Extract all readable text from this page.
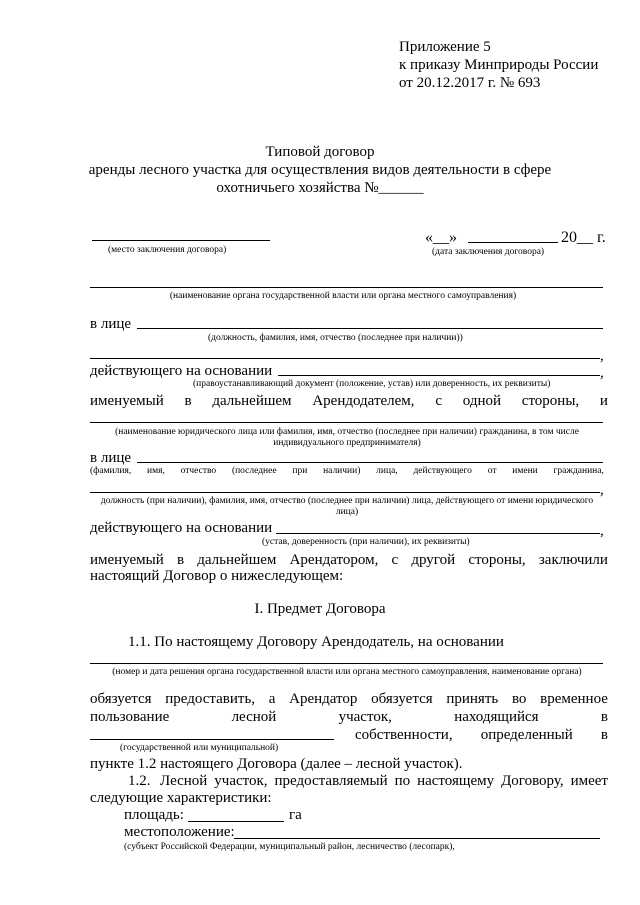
Приложение 5
к приказу Минприроды России
от 20.12.2017 г. № 693
Типовой договор
аренды лесного участка для осуществления видов деятельности в сфере
охотничьего хозяйства №______
(место заключения договора)
«__»	20__ г.
(дата заключения договора)
(наименование органа государственной власти или органа местного самоуправления)
в лице
(должность, фамилия, имя, отчество (последнее при наличии))
,
действующего на основании	,
(правоустанавливающий документ (положение, устав) или доверенность, их реквизиты)
именуемый в дальнейшем Арендодателем, с одной стороны, и
(наименование юридического лица или фамилия, имя, отчество (последнее при наличии) гражданина, в том числе индивидуального предпринимателя)
в лице
(фамилия, имя, отчество (последнее при наличии) лица, действующего от имени гражданина,
,
должность (при наличии), фамилия, имя, отчество (последнее при наличии) лица, действующего от имени юридического лица)
действующего на основании	,
(устав, доверенность (при наличии), их реквизиты)
именуемый в дальнейшем Арендатором, с другой стороны, заключили
настоящий Договор о нижеследующем:
I. Предмет Договора
1.1. По настоящему Договору Арендодатель, на основании
(номер и дата решения органа государственной власти или органа местного самоуправления, наименование органа)
обязуется предоставить, а Арендатор обязуется принять во временное
пользование	лесной	участок,	находящийся	в
собственности, определенный в
(государственной или муниципальной)
пункте 1.2 настоящего Договора (далее – лесной участок).
1.2. Лесной участок, предоставляемый по настоящему Договору, имеет
следующие характеристики:
площадь:	га
местоположение:
(субъект Российской Федерации, муниципальный район, лесничество (лесопарк),
